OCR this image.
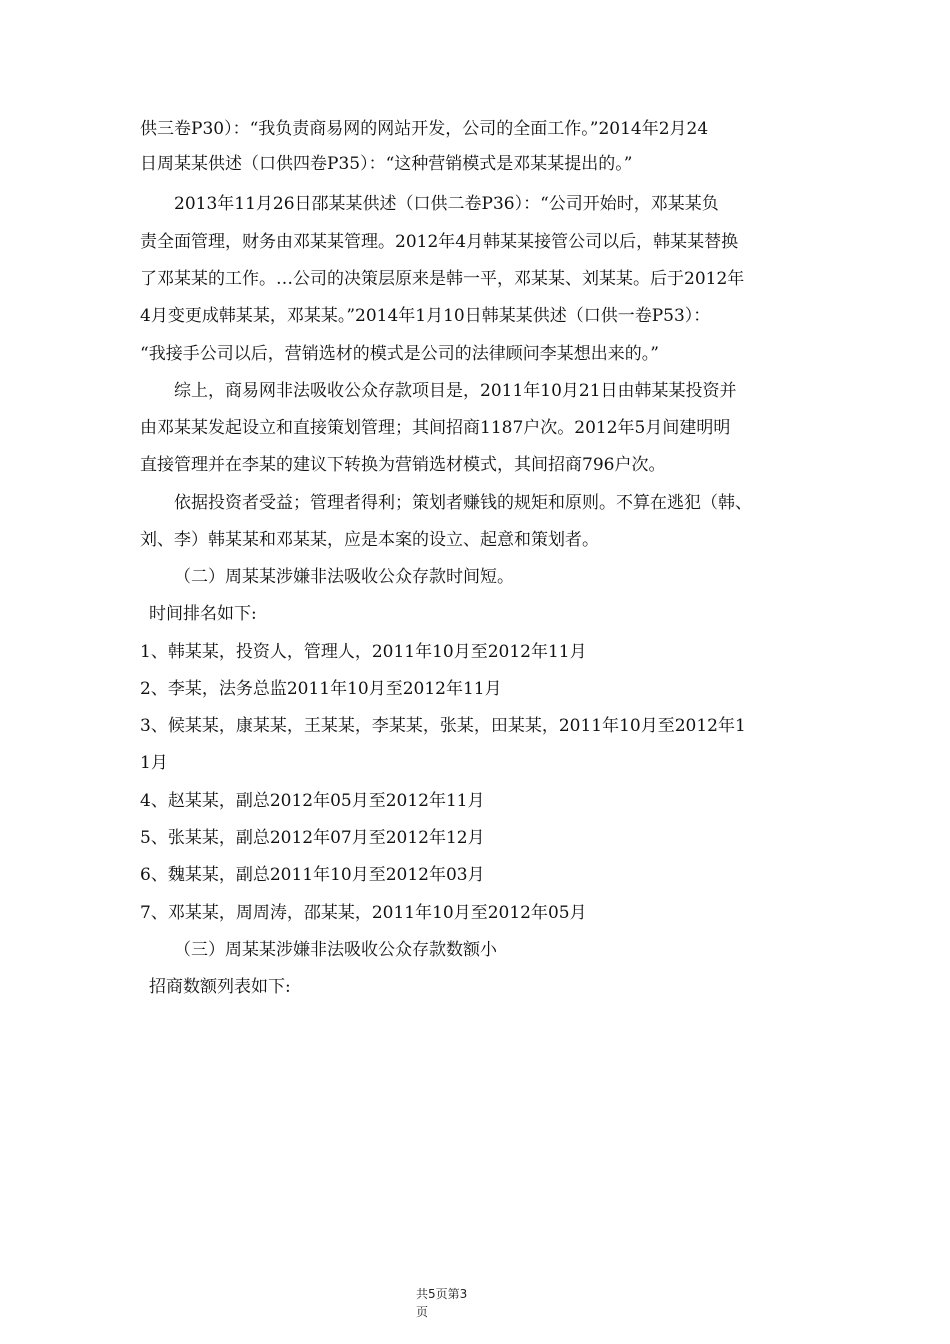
供三卷P30）：“我负责商易网的网站开发，公司的全面工作。”2014年2月24
日周某某供述（口供四卷P35）：“这种营销模式是邓某某提出的。”
2013年11月26日邵某某供述（口供二卷P36）：“公司开始时，邓某某负
责全面管理，财务由邓某某管理。2012年4月韩某某接管公司以后，韩某某替换
了邓某某的工作。…公司的决策层原来是韩一平，邓某某、刘某某。后于2012年
4月变更成韩某某，邓某某。”2014年1月10日韩某某供述（口供一卷P53）：
“我接手公司以后，营销选材的模式是公司的法律顾问李某想出来的。”
综上，商易网非法吸收公众存款项目是，2011年10月21日由韩某某投资并
由邓某某发起设立和直接策划管理；其间招商1187户次。2012年5月间建明明
直接管理并在李某的建议下转换为营销选材模式，其间招商796户次。
依据投资者受益；管理者得利；策划者赚钱的规矩和原则。不算在逃犯（韩、
刘、李）韩某某和邓某某，应是本案的设立、起意和策划者。
（二）周某某涉嫌非法吸收公众存款时间短。
时间排名如下:
1、韩某某，投资人，管理人，2011年10月至2012年11月
2、李某，法务总监2011年10月至2012年11月
3、候某某，康某某，王某某，李某某，张某，田某某，2011年10月至2012年1
1月
4、赵某某，副总2012年05月至2012年11月
5、张某某，副总2012年07月至2012年12月
6、魏某某，副总2011年10月至2012年03月
7、邓某某，周周涛，邵某某，2011年10月至2012年05月
（三）周某某涉嫌非法吸收公众存款数额小
招商数额列表如下:
共5页第3
页
